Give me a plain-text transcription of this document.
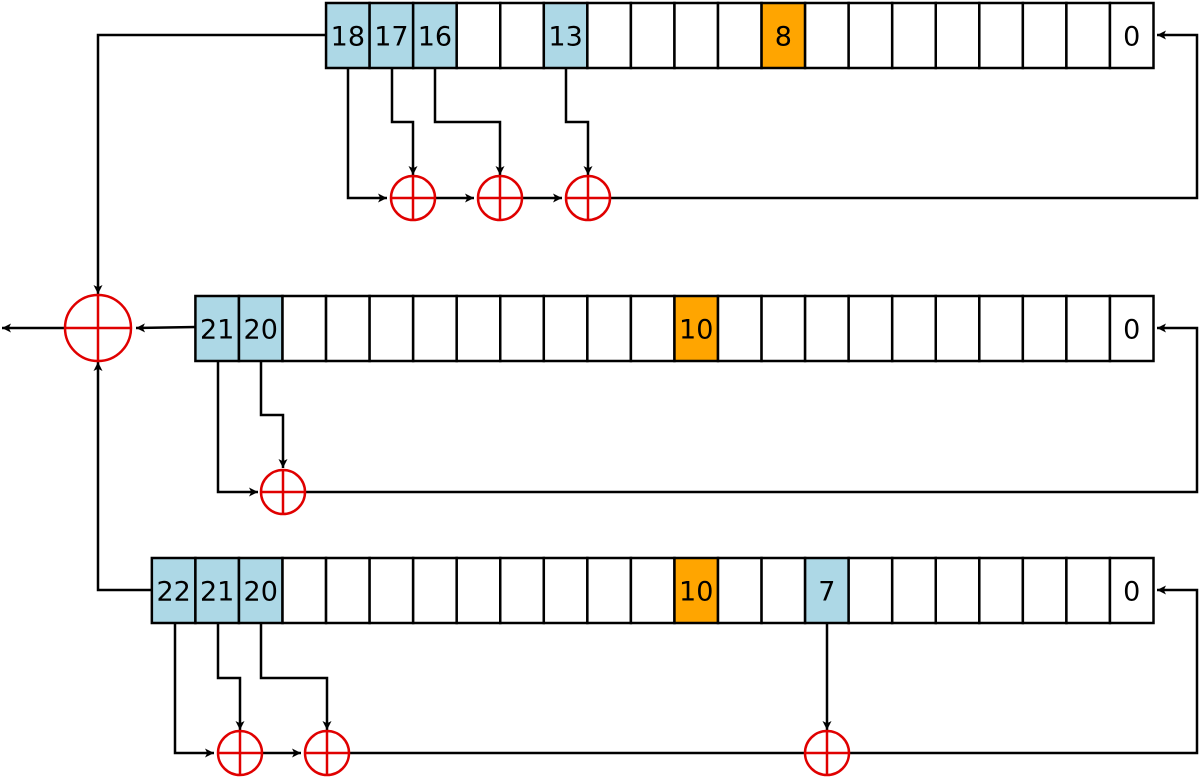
18 17 16	13	8	0
21 20	10	0
22 21 20	10	7	0
